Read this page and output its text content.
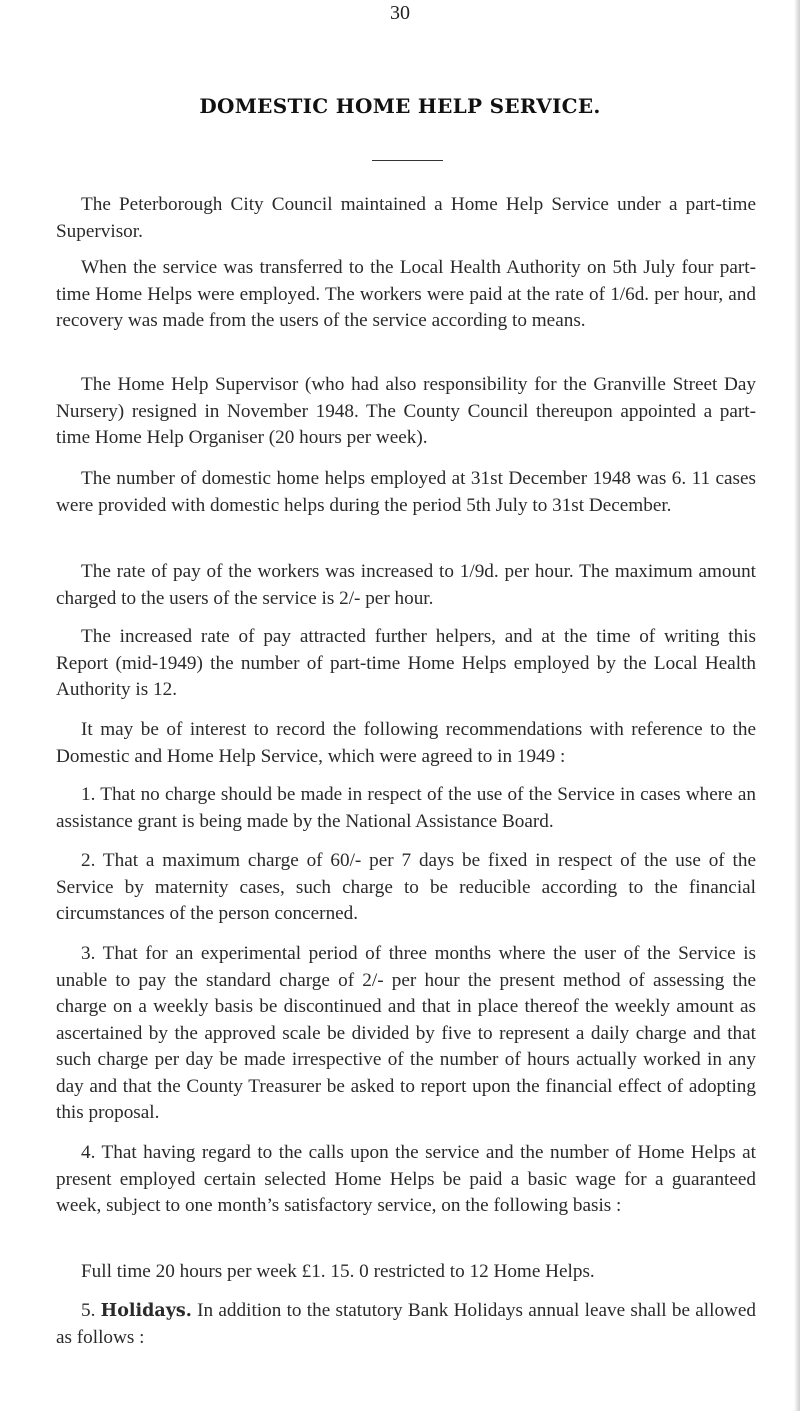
30
DOMESTIC HOME HELP SERVICE.

The Peterborough City Council maintained a Home Help Service under a part-time Supervisor.

When the service was transferred to the Local Health Authority on 5th July four part-time Home Helps were employed. The workers were paid at the rate of 1/6d. per hour, and recovery was made from the users of the service according to means.

The Home Help Supervisor (who had also responsibility for the Granville Street Day Nursery) resigned in November 1948. The County Council thereupon appointed a part-time Home Help Organiser (20 hours per week).

The number of domestic home helps employed at 31st December 1948 was 6. 11 cases were provided with domestic helps during the period 5th July to 31st December.

The rate of pay of the workers was increased to 1/9d. per hour. The maximum amount charged to the users of the service is 2/- per hour.

The increased rate of pay attracted further helpers, and at the time of writing this Report (mid-1949) the number of part-time Home Helps employed by the Local Health Authority is 12.

It may be of interest to record the following recommendations with reference to the Domestic and Home Help Service, which were agreed to in 1949 :

1. That no charge should be made in respect of the use of the Service in cases where an assistance grant is being made by the National Assistance Board.

2. That a maximum charge of 60/- per 7 days be fixed in respect of the use of the Service by maternity cases, such charge to be reducible according to the financial circumstances of the person concerned.

3. That for an experimental period of three months where the user of the Service is unable to pay the standard charge of 2/- per hour the present method of assessing the charge on a weekly basis be discontinued and that in place thereof the weekly amount as ascertained by the approved scale be divided by five to represent a daily charge and that such charge per day be made irrespective of the number of hours actually worked in any day and that the County Treasurer be asked to report upon the financial effect of adopting this proposal.

4. That having regard to the calls upon the service and the number of Home Helps at present employed certain selected Home Helps be paid a basic wage for a guaranteed week, subject to one month’s satisfactory service, on the following basis :

Full time 20 hours per week £1. 15. 0 restricted to 12 Home Helps.

5. Holidays. In addition to the statutory Bank Holidays annual leave shall be allowed as follows :
